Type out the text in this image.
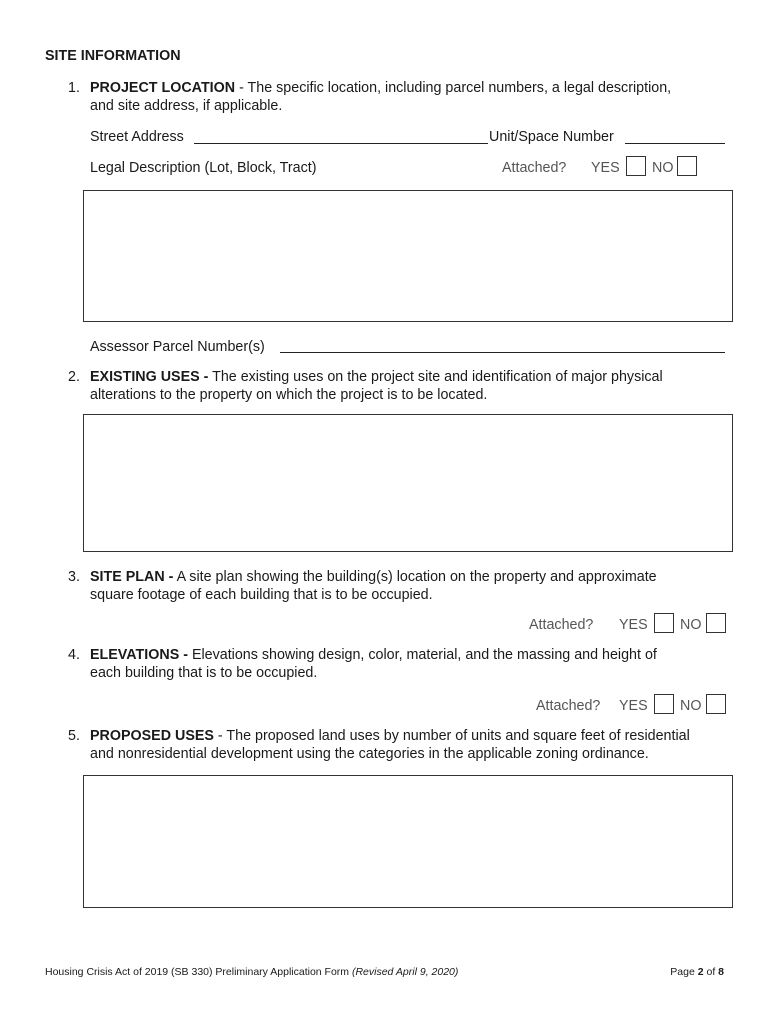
SITE INFORMATION
1. PROJECT LOCATION - The specific location, including parcel numbers, a legal description,
and site address, if applicable.
Street Address	Unit/Space Number
Legal Description (Lot, Block, Tract)	Attached? YES NO
Assessor Parcel Number(s)
2. EXISTING USES - The existing uses on the project site and identification of major physical
alterations to the property on which the project is to be located.
3. SITE PLAN - A site plan showing the building(s) location on the property and approximate
square footage of each building that is to be occupied.
Attached? YES NO
4. ELEVATIONS - Elevations showing design, color, material, and the massing and height of
each building that is to be occupied.
Attached? YES NO
5. PROPOSED USES - The proposed land uses by number of units and square feet of residential
and nonresidential development using the categories in the applicable zoning ordinance.
Housing Crisis Act of 2019 (SB 330) Preliminary Application Form (Revised April 9, 2020)	Page 2 of 8
